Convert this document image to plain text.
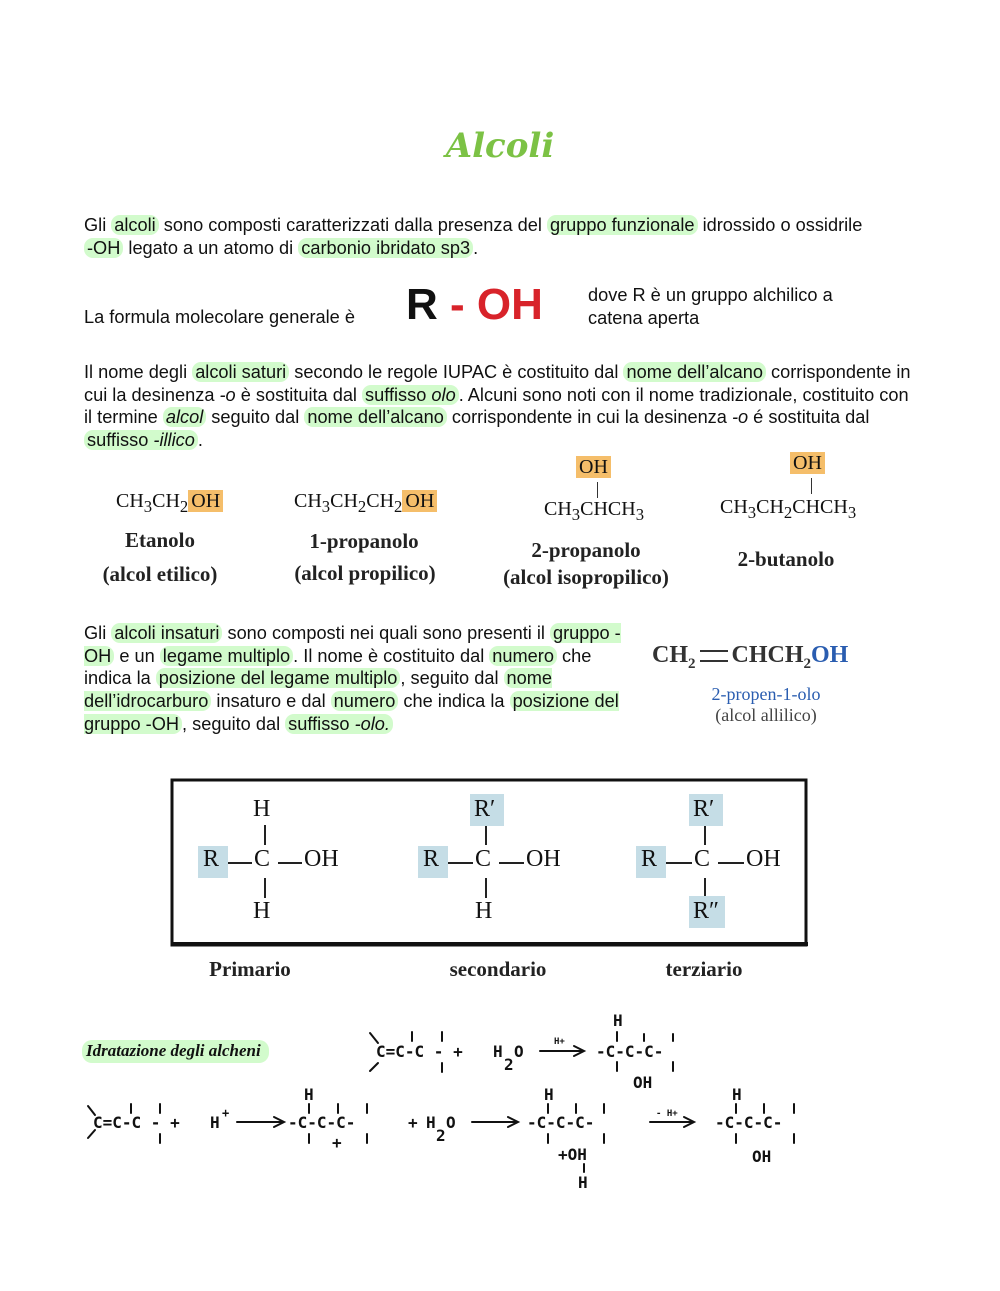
Alcoli
Gli alcoli sono composti caratterizzati dalla presenza del gruppo funzionale idrossido o ossidrile
-OH legato a un atomo di carbonio ibridato sp3 .
La formula molecolare generale è R - OH dove R è un gruppo alchilico a catena aperta
Il nome degli alcoli saturi secondo le regole IUPAC è costituito dal nome dell’alcano corrispondente in cui la desinenza -o è sostituita dal suffisso olo . Alcuni sono noti con il nome tradizionale, costituito con il termine alcol seguito dal nome dell’alcano corrispondente in cui la desinenza -o é sostituita dal suffisso -illico .
$CH_3CH_2$ OH
Etanolo
(alcol etilico)
$CH_3CH_2CH_2$ OH
1-propanolo
(alcol propilico)
OH
$CH_3CHCH_3$
2-propanolo
(alcol isopropilico)
OH
$CH_3CH_2CHCH_3$
2-butanolo
Gli alcoli insaturi sono composti nei quali sono presenti il gruppo -OH e un legame multiplo . Il nome è costituito dal numero che indica la posizione del legame multiplo , seguito dal nome dell’idrocarburo insaturo e dal numero che indica la posizione del gruppo -OH , seguito dal suffisso -olo.
$CH_2$ $CHCH_2OH$
2-propen-1-olo
(alcol allilico)
H
R C OH
H
R′
R C OH
H
R′
R C OH
R″
Primario	secondario	terziario
Idratazione degli alcheni	C=C-C - + H
2
O	H+
H
-C-C-C-
OH
C=C-C - + H +
H
-C-C-C-
+
+ H
2
O
H
-C-C-C-
+OH
H
- H+
H
-C-C-C-
OH
